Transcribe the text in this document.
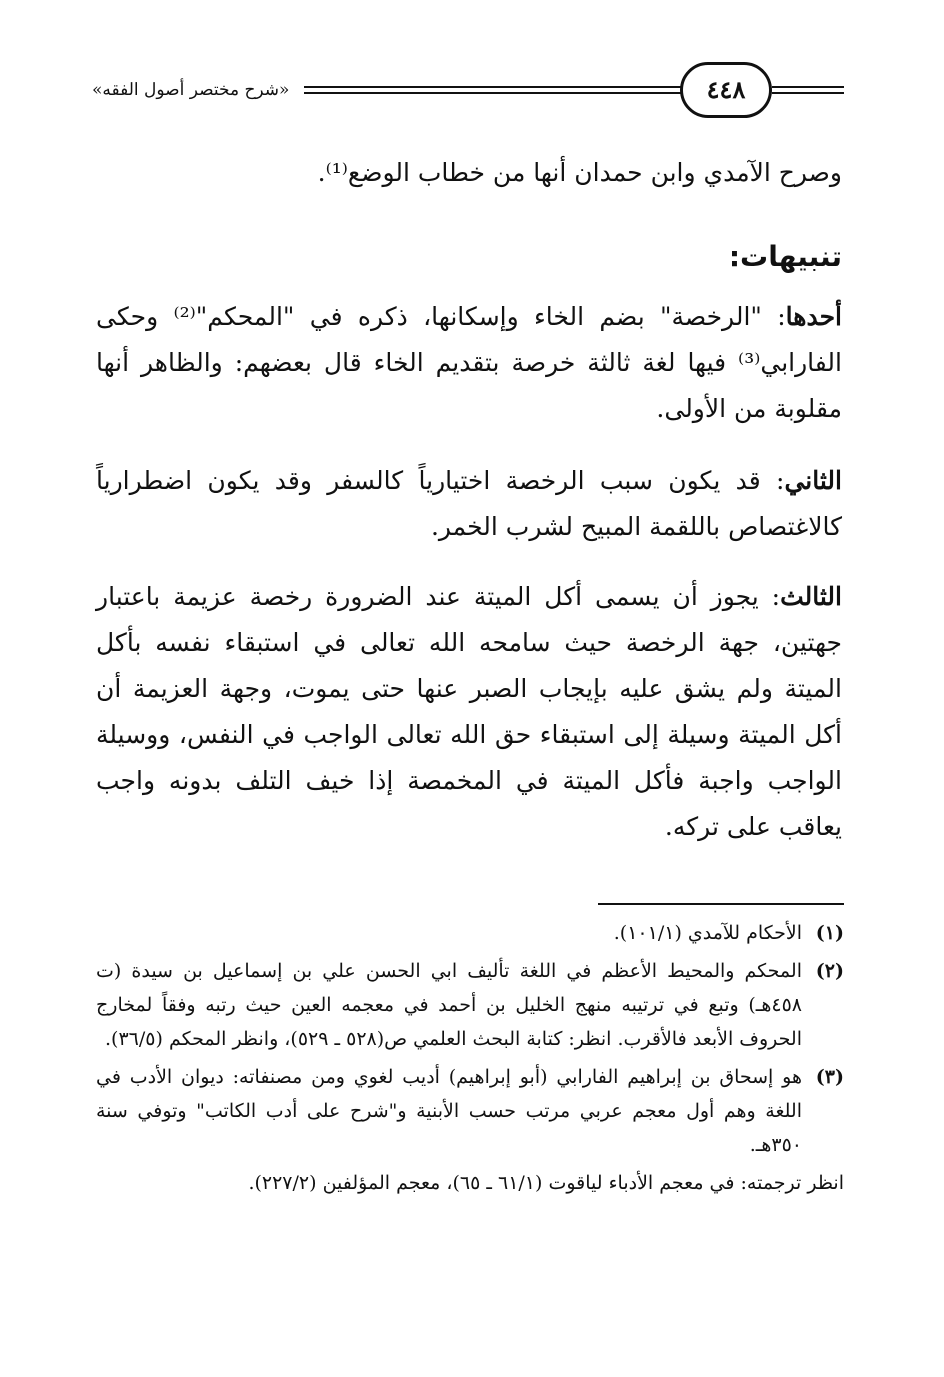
«شرح مختصر أصول الفقه»	٤٤٨
وصرح الآمدي وابن حمدان أنها من خطاب الوضع⁽¹⁾.
تنبيهات:
أحدها: "الرخصة" بضم الخاء وإسكانها، ذكره في "المحكم"⁽²⁾ وحكى الفارابي⁽³⁾ فيها لغة ثالثة خرصة بتقديم الخاء قال بعضهم: والظاهر أنها مقلوبة من الأولى.
الثاني: قد يكون سبب الرخصة اختيارياً كالسفر وقد يكون اضطرارياً كالاغتصاص باللقمة المبيح لشرب الخمر.
الثالث: يجوز أن يسمى أكل الميتة عند الضرورة رخصة عزيمة باعتبار جهتين، جهة الرخصة حيث سامحه الله تعالى في استبقاء نفسه بأكل الميتة ولم يشق عليه بإيجاب الصبر عنها حتى يموت، وجهة العزيمة أن أكل الميتة وسيلة إلى استبقاء حق الله تعالى الواجب في النفس، ووسيلة الواجب واجبة فأكل الميتة في المخمصة إذا خيف التلف بدونه واجب يعاقب على تركه.
(١)
الأحكام للآمدي (١٠١/١).
(٢)
المحكم والمحيط الأعظم في اللغة تأليف ابي الحسن علي بن إسماعيل بن سيدة (ت ٤٥٨هـ) وتبع في ترتيبه منهج الخليل بن أحمد في معجمه العين حيث رتبه وفقاً لمخارج الحروف الأبعد فالأقرب. انظر: كتابة البحث العلمي ص(٥٢٨ ـ ٥٢٩)، وانظر المحكم (٣٦/٥).
(٣)
هو إسحاق بن إبراهيم الفارابي (أبو إبراهيم) أديب لغوي ومن مصنفاته: ديوان الأدب في اللغة وهم أول معجم عربي مرتب حسب الأبنية و"شرح على أدب الكاتب" وتوفي سنة ٣٥٠هـ.
انظر ترجمته: في معجم الأدباء لياقوت (٦١/١ ـ ٦٥)، معجم المؤلفين (٢٢٧/٢).
